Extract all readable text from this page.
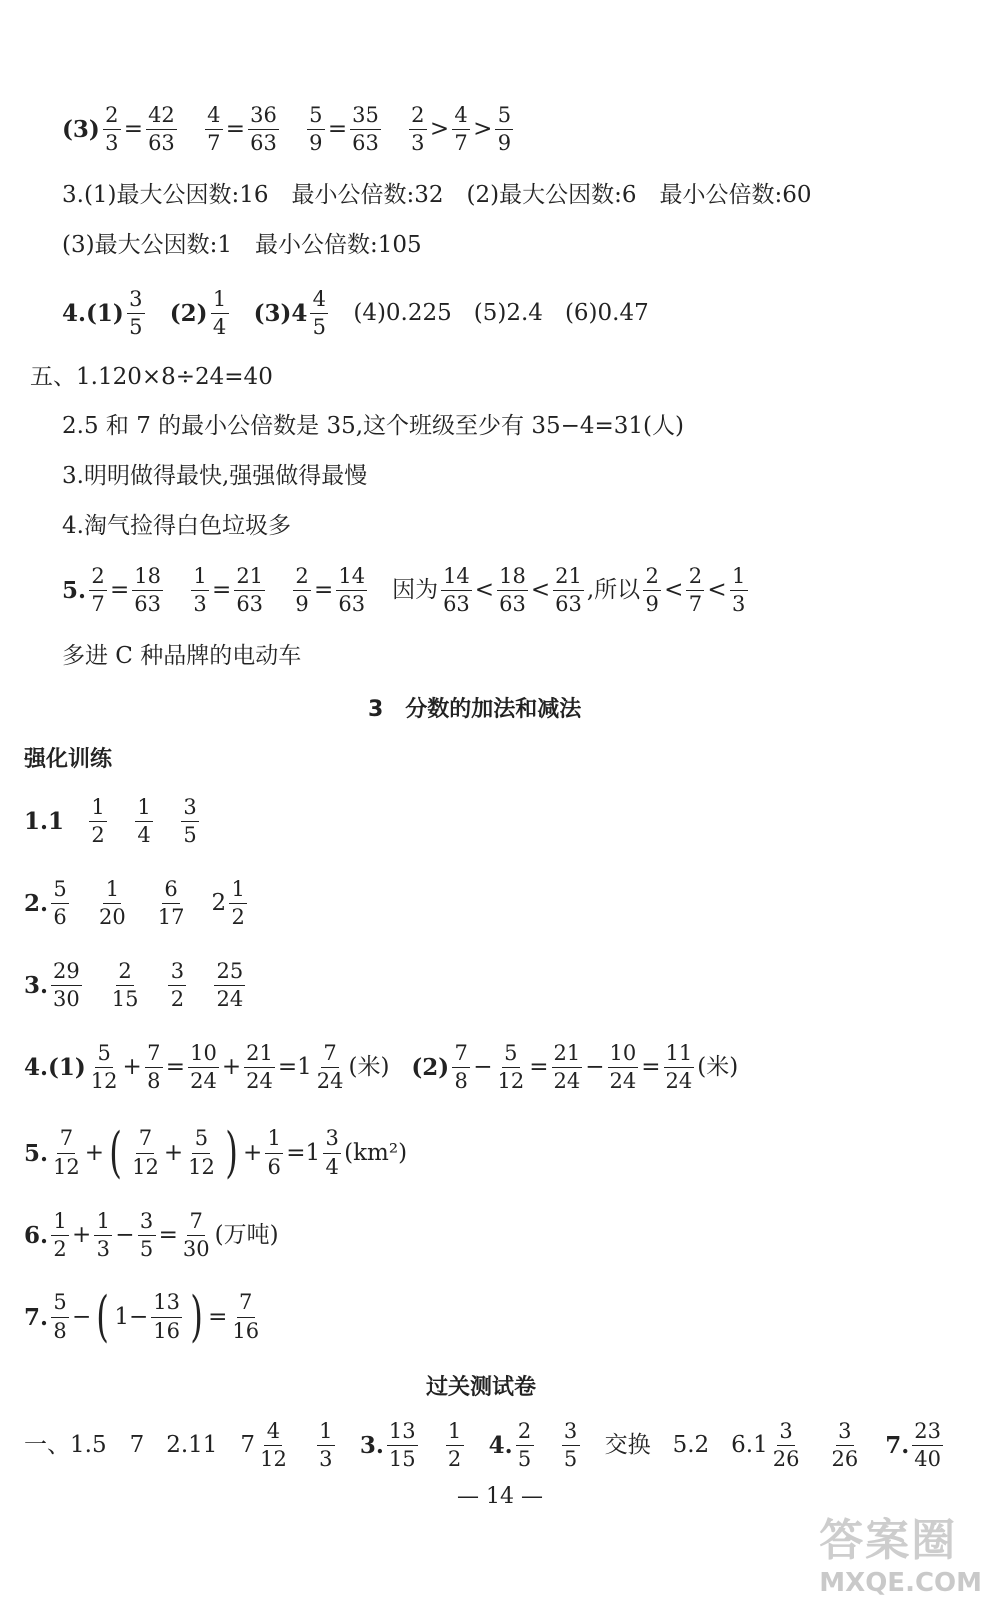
$(3) \frac{2}{3} = \frac{42}{63} \frac{4}{7} = \frac{36}{63} \frac{5}{9} = \frac{35}{63} \frac{2}{3} > \frac{4}{7} > \frac{5}{9}$
3.(1)最大公因数:16　最小公倍数:32　(2)最大公因数:6　最小公倍数:60
(3)最大公因数:1　最小公倍数:105
$4.(1) \frac{3}{5} (2) \frac{1}{4} (3)4 \frac{4}{5} (4)0.225$ (5)2.4 (6)0.47
五、1.120×8÷24=40
2.5 和 7 的最小公倍数是 35,这个班级至少有 35−4=31(人)
3.明明做得最快,强强做得最慢
4.淘气捡得白色垃圾多
5. $\frac{2}{7} = \frac{18}{63} \frac{1}{3} = \frac{21}{63} \frac{2}{9} = \frac{14}{63}$ 因为 $\frac{14}{63} < \frac{18}{63} < \frac{21}{63}$ ,所以 $\frac{2}{9} < \frac{2}{7} < \frac{1}{3}$
多进 C 种品牌的电动车
3　分数的加法和减法
强化训练
$1.1 \frac{1}{2} \frac{1}{4} \frac{3}{5}$
2. $\frac{5}{6} \frac{1}{20} \frac{6}{17} 2 \frac{1}{2}$
3. $\frac{29}{30} \frac{2}{15} \frac{3}{2} \frac{25}{24}$
$4.(1) \frac{5}{12} + \frac{7}{8} = \frac{10}{24} + \frac{21}{24} =1 \frac{7}{24}$ (米) $(2) \frac{7}{8} - \frac{5}{12} = \frac{21}{24} - \frac{10}{24} = \frac{11}{24}$ (米)
5. $\frac{7}{12}$ + ( $\frac{7}{12} + \frac{5}{12}$ ) + $\frac{1}{6} =1 \frac{3}{4} (km^2)$
6. $\frac{1}{2} + \frac{1}{3} - \frac{3}{5} = \frac{7}{30}$ (万吨)
7. $\frac{5}{8}$ − ( $1- \frac{13}{16}$ ) = $\frac{7}{16}$
过关测试卷
一、1.5　7 2.11　$7 \frac{4}{12} \frac{1}{3} 3$. $\frac{13}{15} \frac{1}{2} 4$. $\frac{2}{5} \frac{3}{5}$ 交换 5.2 $6.1 \frac{3}{26} \frac{3}{26} 7$. $\frac{23}{40}$
— 14 —
答案圈
MXQE.COM
